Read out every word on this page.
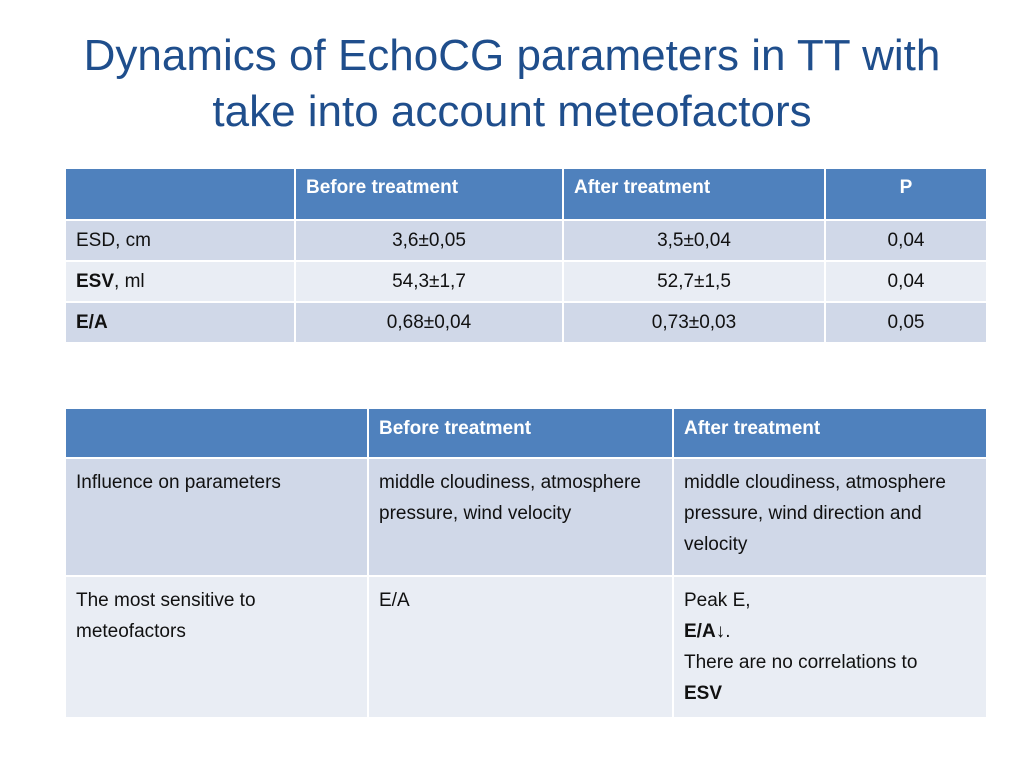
Dynamics of EchoCG parameters in TT with take into account meteofactors
	Before treatment	After treatment	P
ESD, cm	3,6±0,05	3,5±0,04	0,04
ESV, ml	54,3±1,7	52,7±1,5	0,04
E/A	0,68±0,04	0,73±0,03	0,05
	Before treatment	After treatment
Influence on parameters	middle cloudiness, atmosphere pressure, wind velocity	middle cloudiness, atmosphere pressure, wind direction and velocity
The most sensitive to meteofactors	E/A	Peak E,
E/A↓.
There are no correlations to
ESV
